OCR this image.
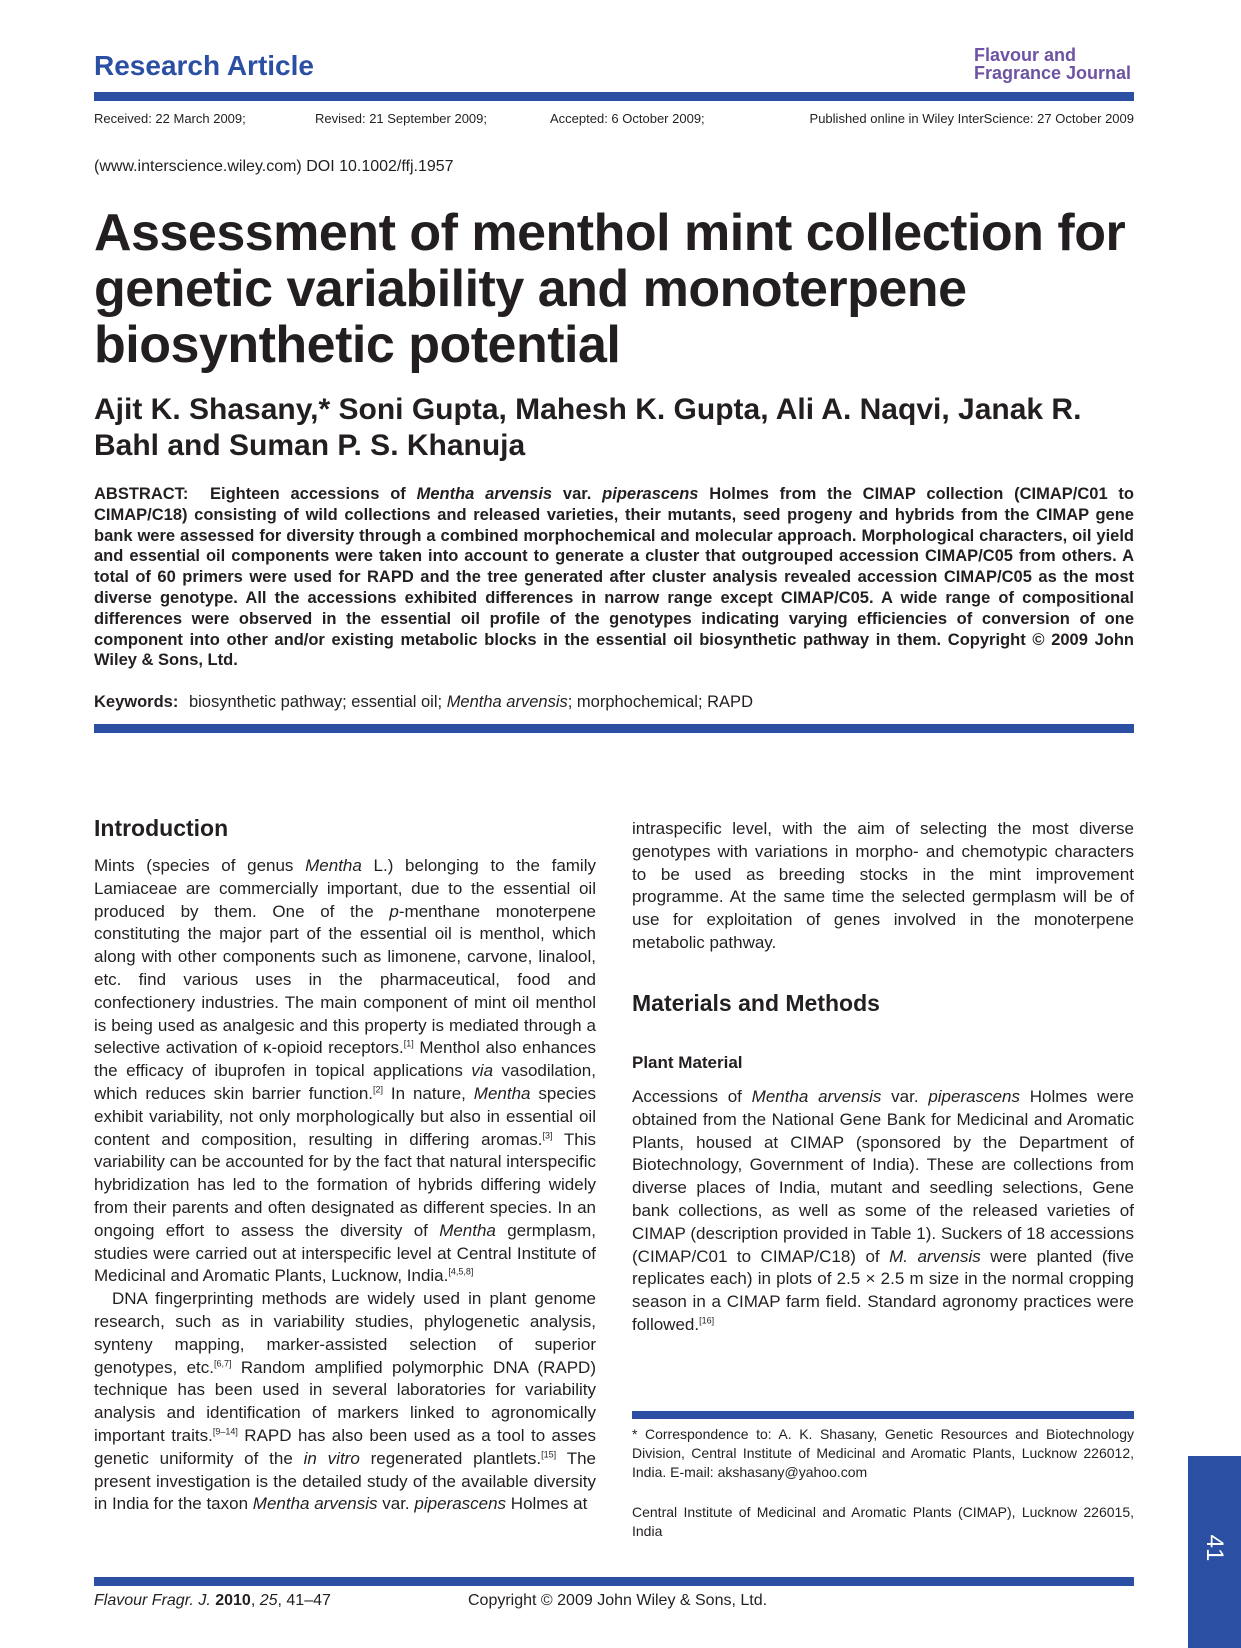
Research Article	Flavour and
Fragrance Journal
Received: 22 March 2009;	Revised: 21 September 2009;	Accepted: 6 October 2009;	Published online in Wiley InterScience: 27 October 2009
(www.interscience.wiley.com) DOI 10.1002/ffj.1957
Assessment of menthol mint collection for genetic variability and monoterpene biosynthetic potential

Ajit K. Shasany,* Soni Gupta, Mahesh K. Gupta, Ali A. Naqvi, Janak R. Bahl and Suman P. S. Khanuja

ABSTRACT: Eighteen accessions of Mentha arvensis var. piperascens Holmes from the CIMAP collection (CIMAP/C01 to CIMAP/C18) consisting of wild collections and released varieties, their mutants, seed progeny and hybrids from the CIMAP gene bank were assessed for diversity through a combined morphochemical and molecular approach. Morphological characters, oil yield and essential oil components were taken into account to generate a cluster that outgrouped accession CIMAP/C05 from others. A total of 60 primers were used for RAPD and the tree generated after cluster analysis revealed accession CIMAP/C05 as the most diverse genotype. All the accessions exhibited differences in narrow range except CIMAP/C05. A wide range of compositional differences were observed in the essential oil profile of the genotypes indicating varying efficiencies of conversion of one component into other and/or existing metabolic blocks in the essential oil biosynthetic pathway in them. Copyright © 2009 John Wiley & Sons, Ltd.

Keywords: biosynthetic pathway; essential oil; Mentha arvensis; morphochemical; RAPD
Introduction

Mints (species of genus Mentha L.) belonging to the family Lamiaceae are commercially important, due to the essential oil produced by them. One of the p-menthane monoterpene constituting the major part of the essential oil is menthol, which along with other components such as limonene, carvone, linalool, etc. find various uses in the pharmaceutical, food and confectionery industries. The main component of mint oil menthol is being used as analgesic and this property is mediated through a selective activation of κ-opioid receptors.[1] Menthol also enhances the efficacy of ibuprofen in topical applications via vasodilation, which reduces skin barrier function.[2] In nature, Mentha species exhibit variability, not only morphologically but also in essential oil content and composition, resulting in differing aromas.[3] This variability can be accounted for by the fact that natural interspecific hybridization has led to the formation of hybrids differing widely from their parents and often designated as different species. In an ongoing effort to assess the diversity of Mentha germplasm, studies were carried out at interspecific level at Central Institute of Medicinal and Aromatic Plants, Lucknow, India.[4,5,8]

DNA fingerprinting methods are widely used in plant genome research, such as in variability studies, phylogenetic analysis, synteny mapping, marker-assisted selection of superior genotypes, etc.[6,7] Random amplified polymorphic DNA (RAPD) technique has been used in several laboratories for variability analysis and identification of markers linked to agronomically important traits.[9–14] RAPD has also been used as a tool to asses genetic uniformity of the in vitro regenerated plantlets.[15] The present investigation is the detailed study of the available diversity in India for the taxon Mentha arvensis var. piperascens Holmes at

intraspecific level, with the aim of selecting the most diverse genotypes with variations in morpho- and chemotypic characters to be used as breeding stocks in the mint improvement programme. At the same time the selected germplasm will be of use for exploitation of genes involved in the monoterpene metabolic pathway.

Materials and Methods
Plant Material

Accessions of Mentha arvensis var. piperascens Holmes were obtained from the National Gene Bank for Medicinal and Aromatic Plants, housed at CIMAP (sponsored by the Department of Biotechnology, Government of India). These are collections from diverse places of India, mutant and seedling selections, Gene bank collections, as well as some of the released varieties of CIMAP (description provided in Table 1). Suckers of 18 accessions (CIMAP/C01 to CIMAP/C18) of M. arvensis were planted (five replicates each) in plots of 2.5 × 2.5 m size in the normal cropping season in a CIMAP farm field. Standard agronomy practices were followed.[16]

* Correspondence to: A. K. Shasany, Genetic Resources and Biotechnology Division, Central Institute of Medicinal and Aromatic Plants, Lucknow 226012, India. E-mail: akshasany@yahoo.com
Central Institute of Medicinal and Aromatic Plants (CIMAP), Lucknow 226015, India
41
Flavour Fragr. J. 2010, 25, 41–47	Copyright © 2009 John Wiley & Sons, Ltd.
